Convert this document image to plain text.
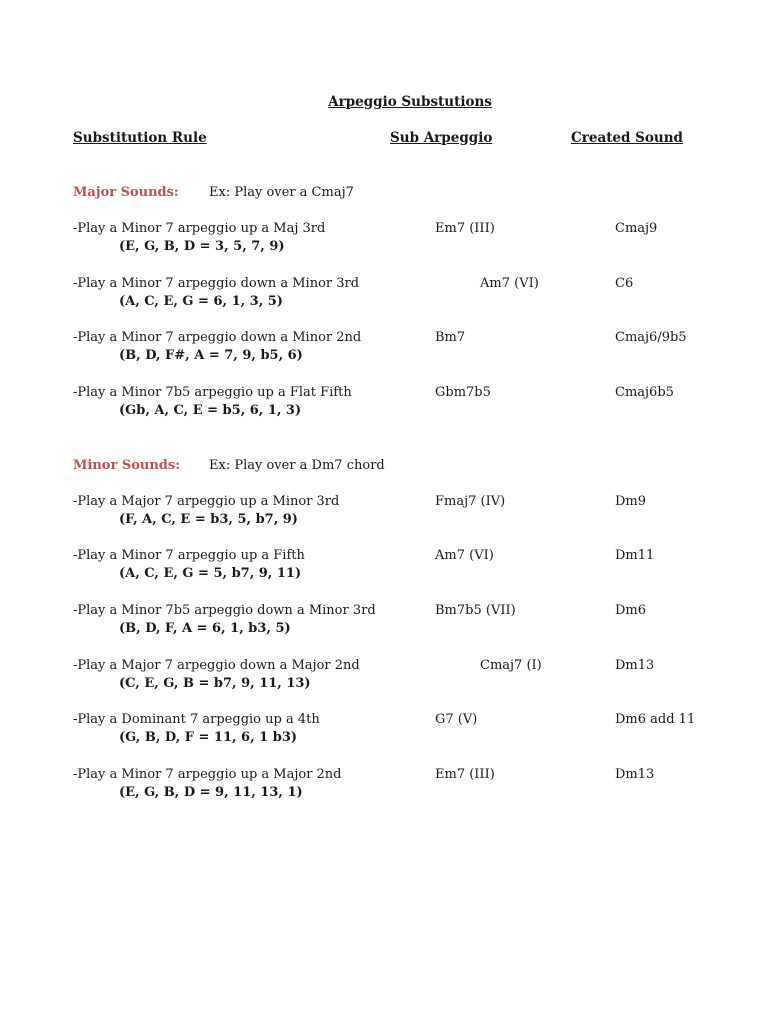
Arpeggio Substutions
Substitution Rule	Sub Arpeggio	Created Sound
Major Sounds: Ex: Play over a Cmaj7
-Play a Minor 7 arpeggio up a Maj 3rd
(E, G, B, D = 3, 5, 7, 9)
Em7 (III)	Cmaj9
-Play a Minor 7 arpeggio down a Minor 3rd
(A, C, E, G = 6, 1, 3, 5)
Am7 (VI)	C6
-Play a Minor 7 arpeggio down a Minor 2nd
(B, D, F#, A = 7, 9, b5, 6)
Bm7	Cmaj6/9b5
-Play a Minor 7b5 arpeggio up a Flat Fifth
(Gb, A, C, E = b5, 6, 1, 3)
Gbm7b5	Cmaj6b5
Minor Sounds: Ex: Play over a Dm7 chord
-Play a Major 7 arpeggio up a Minor 3rd
(F, A, C, E = b3, 5, b7, 9)
Fmaj7 (IV)	Dm9
-Play a Minor 7 arpeggio up a Fifth
(A, C, E, G = 5, b7, 9, 11)
Am7 (VI)	Dm11
-Play a Minor 7b5 arpeggio down a Minor 3rd
(B, D, F, A = 6, 1, b3, 5)
Bm7b5 (VII)	Dm6
-Play a Major 7 arpeggio down a Major 2nd
(C, E, G, B = b7, 9, 11, 13)
Cmaj7 (I)	Dm13
-Play a Dominant 7 arpeggio up a 4th
(G, B, D, F = 11, 6, 1 b3)
G7 (V)	Dm6 add 11
-Play a Minor 7 arpeggio up a Major 2nd
(E, G, B, D = 9, 11, 13, 1)
Em7 (III)	Dm13
